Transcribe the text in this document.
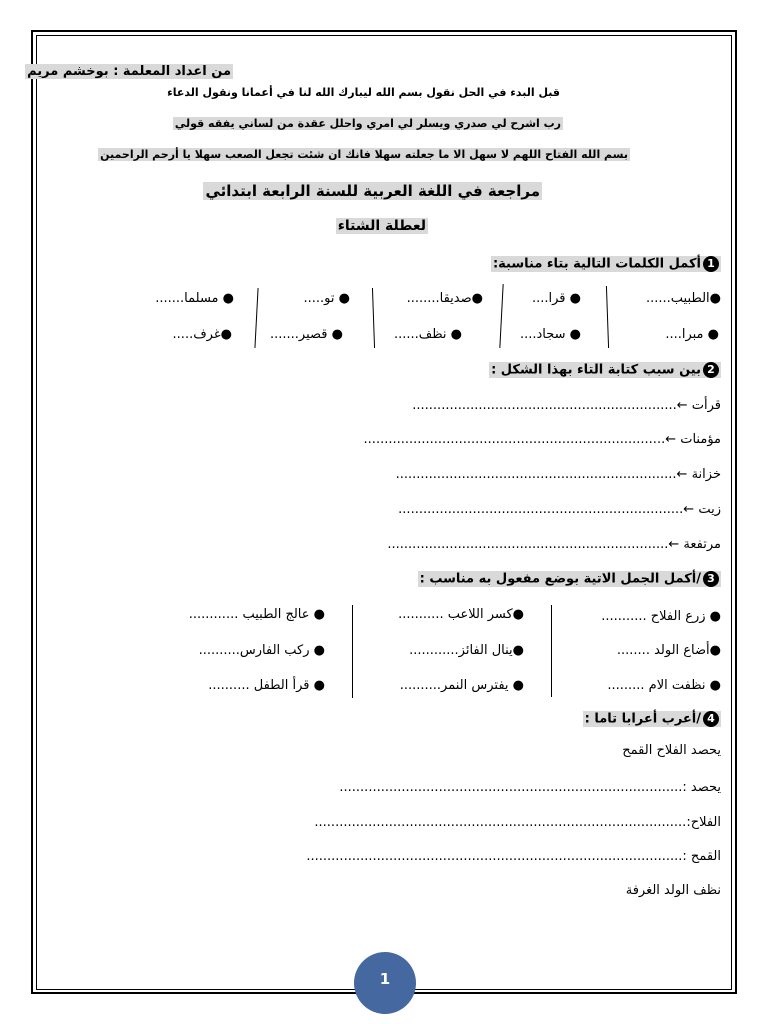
من اعداد المعلمة : بوخشم مريم
قبل البدء في الحل نقول بسم الله ليبارك الله لنا في أعمانا ونقول الدعاء
رب اشرح لي صدري ويسلر لي امري واحلل عقدة من لساني يفقه قولي
بسم الله الفتاح اللهم لا سهل الا ما جعلته سهلا فانك ان شئت تجعل الصعب سهلا يا أرحم الراحمين
مراجعة في اللغة العربية للسنة الرابعة ابتدائي
لعطلة الشتاء
1أكمل الكلمات التالية بتاء مناسبة:
●الطبيب......
● قرا....
●صديقا........
● تو.....
● مسلما.......
● مبرا....
● سجاد....
● نظف......
● قصير.......
●غرف.....
2بين سبب كتابة التاء بهذا الشكل :
قرأت ←................................................................
مؤمنات ←.........................................................................
خزانة ←....................................................................
زيت ←.....................................................................
مرتفعة ←....................................................................
3/أكمل الجمل الاتية بوضع مفعول به مناسب :
● زرع الفلاح ...........
●أضاع الولد ........
● نظفت الام .........
●كسر اللاعب ...........
●ينال الفائز............
● يفترس النمر..........
● عالج الطبيب ............
● ركب الفارس..........
● قرأ الطفل ..........
4/أعرب أعرابا تاما :
يحصد الفلاح القمح
يحصد :...................................................................................
الفلاح:..........................................................................................
القمح :...........................................................................................
نظف الولد الغرفة
1
